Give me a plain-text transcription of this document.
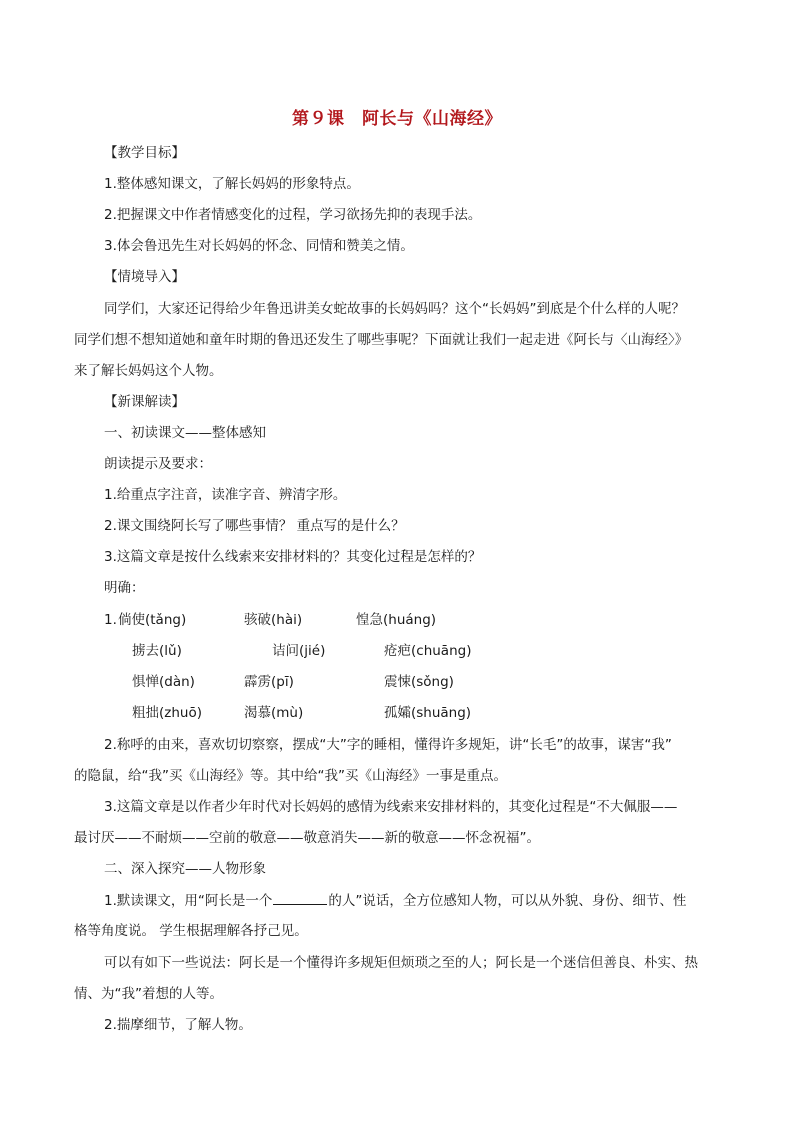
第９课　阿长与《山海经》
【教学目标】
1.整体感知课文，了解长妈妈的形象特点。
2.把握课文中作者情感变化的过程，学习欲扬先抑的表现手法。
3.体会鲁迅先生对长妈妈的怀念、同情和赞美之情。
【情境导入】
同学们，大家还记得给少年鲁迅讲美女蛇故事的长妈妈吗？这个“长妈妈”到底是个什么样的人呢？
同学们想不想知道她和童年时期的鲁迅还发生了哪些事呢？下面就让我们一起走进《阿长与〈山海经〉》
来了解长妈妈这个人物。
【新课解读】
一、初读课文——整体感知
朗读提示及要求：
1.给重点字注音，读准字音、辨清字形。
2.课文围绕阿长写了哪些事情？ 重点写的是什么？
3.这篇文章是按什么线索来安排材料的？其变化过程是怎样的？
明确：
1. 倘使(tǎng)	骇破(hài)	惶急(huáng)
掳去(lǔ)	诘问(jié)	疮疤(chuāng)
惧惮(dàn)	霹雳(pī)	震悚(sǒng)
粗拙(zhuō)	渴慕(mù)	孤孀(shuāng)
2.称呼的由来，喜欢切切察察，摆成“大”字的睡相，懂得许多规矩，讲“长毛”的故事，谋害“我”
的隐鼠，给“我”买《山海经》等。其中给“我”买《山海经》一事是重点。
3.这篇文章是以作者少年时代对长妈妈的感情为线索来安排材料的，其变化过程是“不大佩服——
最讨厌——不耐烦——空前的敬意——敬意消失——新的敬意——怀念祝福”。
二、深入探究——人物形象
1.默读课文，用“阿长是一个	的人”说话，全方位感知人物，可以从外貌、身份、细节、性
格等角度说。 学生根据理解各抒己见。
可以有如下一些说法：阿长是一个懂得许多规矩但烦琐之至的人；阿长是一个迷信但善良、朴实、热
情、为“我”着想的人等。
2.揣摩细节，了解人物。
